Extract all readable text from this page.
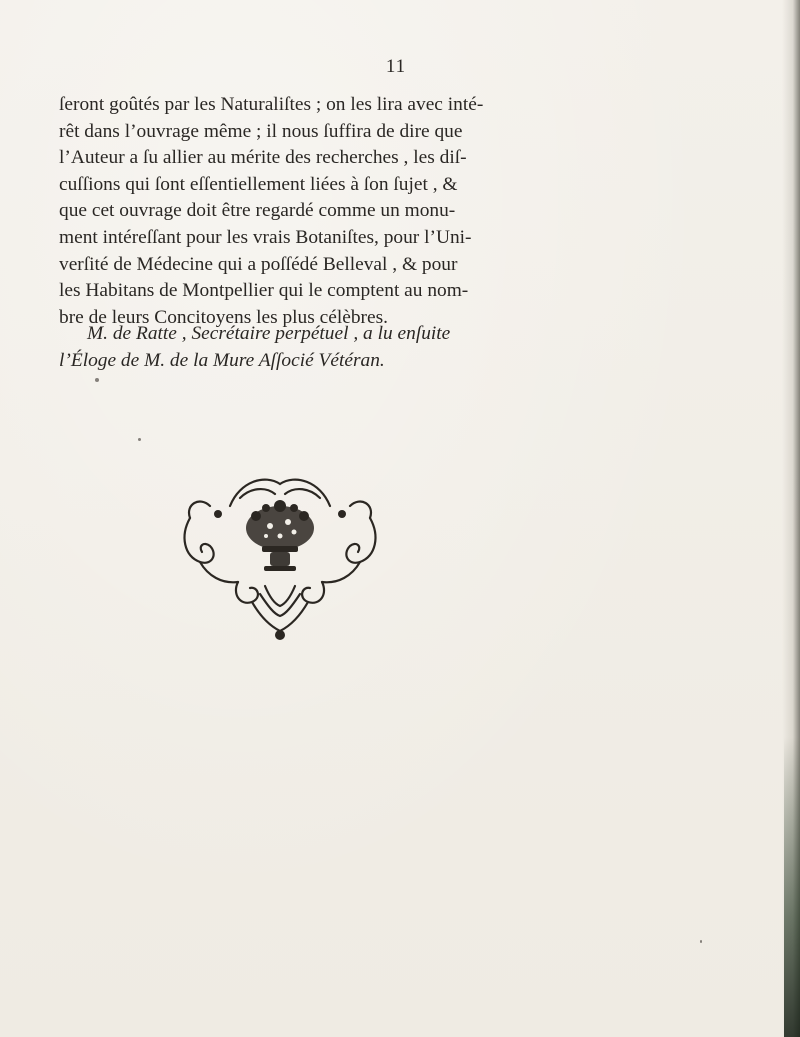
11

ſeront goûtés par les Naturaliſtes ; on les lira avec inté-

rêt dans l’ouvrage même ; il nous ſuffira de dire que

l’Auteur a ſu allier au mérite des recherches , les diſ-

cuſſions qui ſont eſſentiellement liées à ſon ſujet , &

que cet ouvrage doit être regardé comme un monu-

ment intéreſſant pour les vrais Botaniſtes, pour l’Uni-

verſité de Médecine qui a poſſédé Belleval , & pour

les Habitans de Montpellier qui le comptent au nom-

bre de leurs Concitoyens les plus célèbres.

M. de Ratte , Secrétaire perpétuel , a lu enſuite

l’Éloge de M. de la Mure Aſſocié Vétéran.
